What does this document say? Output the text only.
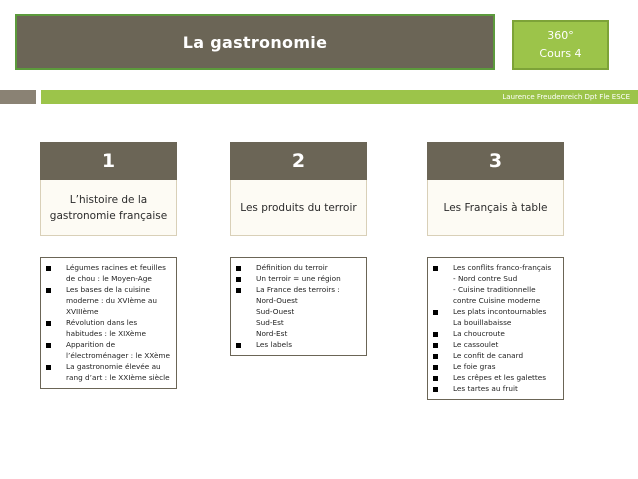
La gastronomie	360°
Cours 4
Laurence Freudenreich Dpt Fle ESCE
1
L’histoire de la gastronomie française
Légumes racines et feuilles de chou : le Moyen-Age
Les bases de la cuisine moderne : du XVIème au XVIIIème
Révolution dans les habitudes : le XIXème
Apparition de l’électroménager : le XXème
La gastronomie élevée au rang d’art : le XXIème siècle
2
Les produits du terroir
Définition du terroir
Un terroir = une région
La France des terroirs :
Nord-Ouest
Sud-Ouest
Sud-Est
Nord-Est
Les labels
3
Les Français à table
Les conflits franco-français
- Nord contre Sud
- Cuisine traditionnelle contre Cuisine moderne
Les plats incontournables
La bouillabaisse
La choucroute
Le cassoulet
Le confit de canard
Le foie gras
Les crêpes et les galettes
Les tartes au fruit
